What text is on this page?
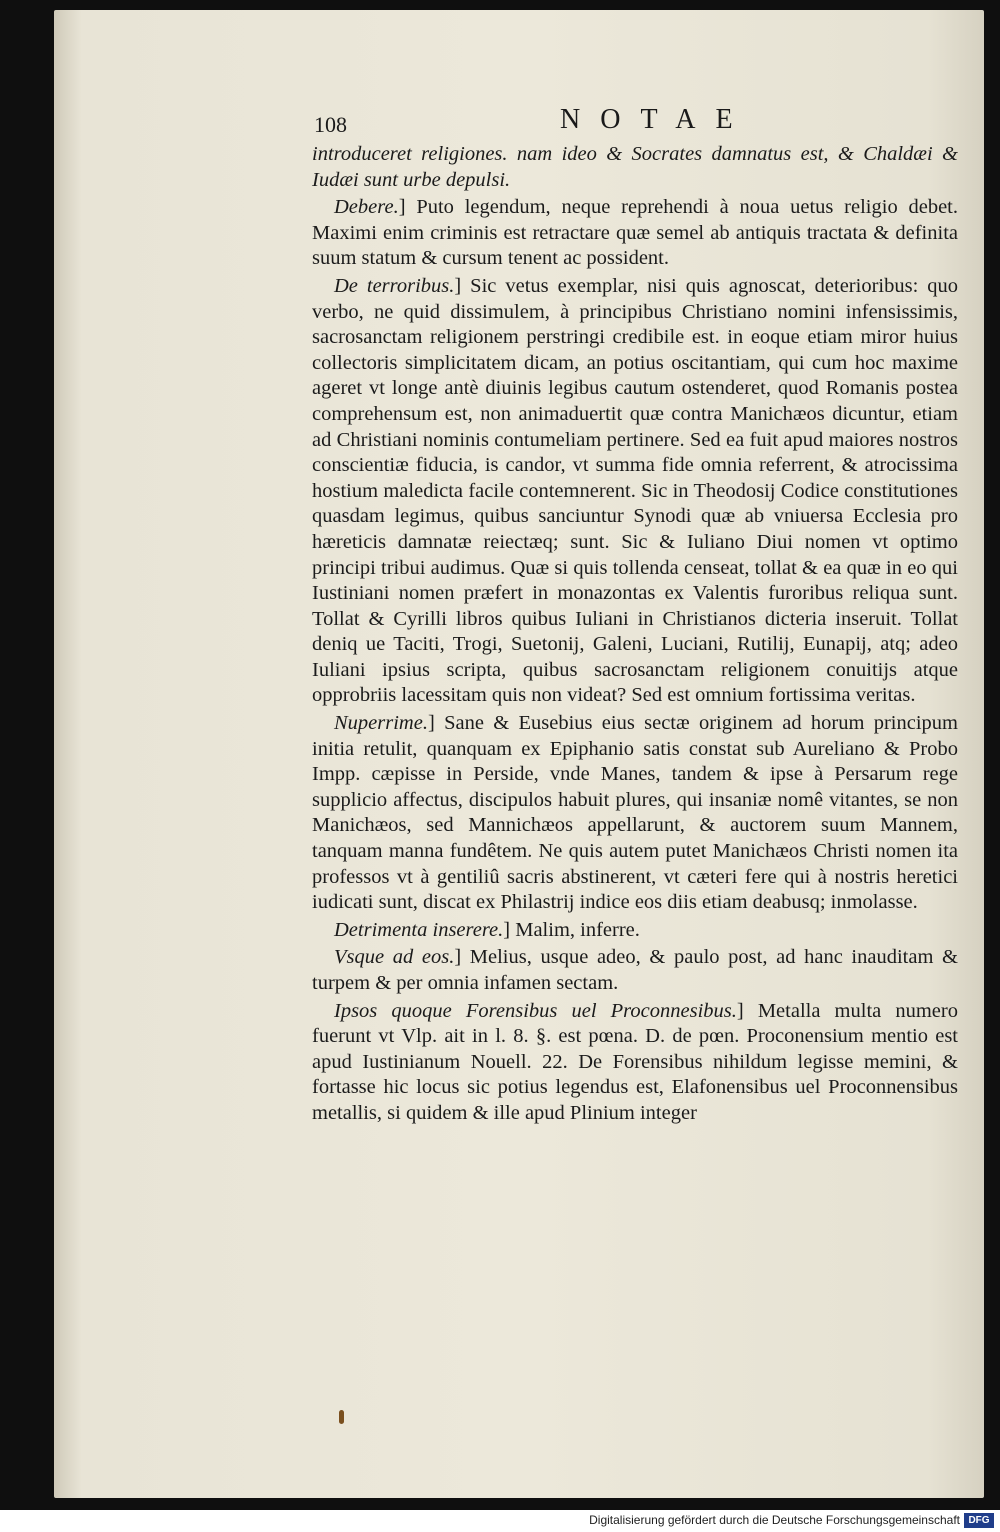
108	NOTAE

introduceret religiones. nam ideo & Socrates damnatus est, & Chaldæi & Iudæi sunt urbe depulsi.

Debere.] Puto legendum, neque reprehendi à noua uetus religio debet. Maximi enim criminis est retractare quæ semel ab antiquis tractata & definita suum statum & cursum tenent ac possident.

De terroribus.] Sic vetus exemplar, nisi quis agnoscat, deterioribus: quo verbo, ne quid dissimulem, à principibus Christiano nomini infensissimis, sacrosanctam religionem perstringi credibile est. in eoque etiam miror huius collectoris simplicitatem dicam, an potius oscitantiam, qui cum hoc maxime ageret vt longe antè diuinis legibus cautum ostenderet, quod Romanis postea comprehensum est, non animaduertit quæ contra Manichæos dicuntur, etiam ad Christiani nominis contumeliam pertinere. Sed ea fuit apud maiores nostros conscientiæ fiducia, is candor, vt summa fide omnia referrent, & atrocissima hostium maledicta facile contemnerent. Sic in Theodosij Codice constitutiones quasdam legimus, quibus sanciuntur Synodi quæ ab vniuersa Ecclesia pro hæreticis damnatæ reiectæq; sunt. Sic & Iuliano Diui nomen vt optimo principi tribui audimus. Quæ si quis tollenda censeat, tollat & ea quæ in eo qui Iustiniani nomen præfert in monazontas ex Valentis furoribus reliqua sunt. Tollat & Cyrilli libros quibus Iuliani in Christianos dicteria inseruit. Tollat deniq ue Taciti, Trogi, Suetonij, Galeni, Luciani, Rutilij, Eunapij, atq; adeo Iuliani ipsius scripta, quibus sacrosanctam religionem conuitijs atque opprobriis lacessitam quis non videat? Sed est omnium fortissima veritas.

Nuperrime.] Sane & Eusebius eius sectæ originem ad horum principum initia retulit, quanquam ex Epiphanio satis constat sub Aureliano & Probo Impp. cæpisse in Perside, vnde Manes, tandem & ipse à Persarum rege supplicio affectus, discipulos habuit plures, qui insaniæ nomê vitantes, se non Manichæos, sed Mannichæos appellarunt, & auctorem suum Mannem, tanquam manna fundêtem. Ne quis autem putet Manichæos Christi nomen ita professos vt à gentiliû sacris abstinerent, vt cæteri fere qui à nostris heretici iudicati sunt, discat ex Philastrij indice eos diis etiam deabusq; inmolasse.

Detrimenta inserere.] Malim, inferre.

Vsque ad eos.] Melius, usque adeo, & paulo post, ad hanc inauditam & turpem & per omnia infamen sectam.

Ipsos quoque Forensibus uel Proconnesibus.] Metalla multa numero fuerunt vt Vlp. ait in l. 8. §. est pœna. D. de pœn. Proconensium mentio est apud Iustinianum Nouell. 22. De Forensibus nihildum legisse memini, & fortasse hic locus sic potius legendus est, Elafonensibus uel Proconnensibus metallis, si quidem & ille apud Plinium integer

Digitalisierung gefördert durch die Deutsche Forschungsgemeinschaft DFG
